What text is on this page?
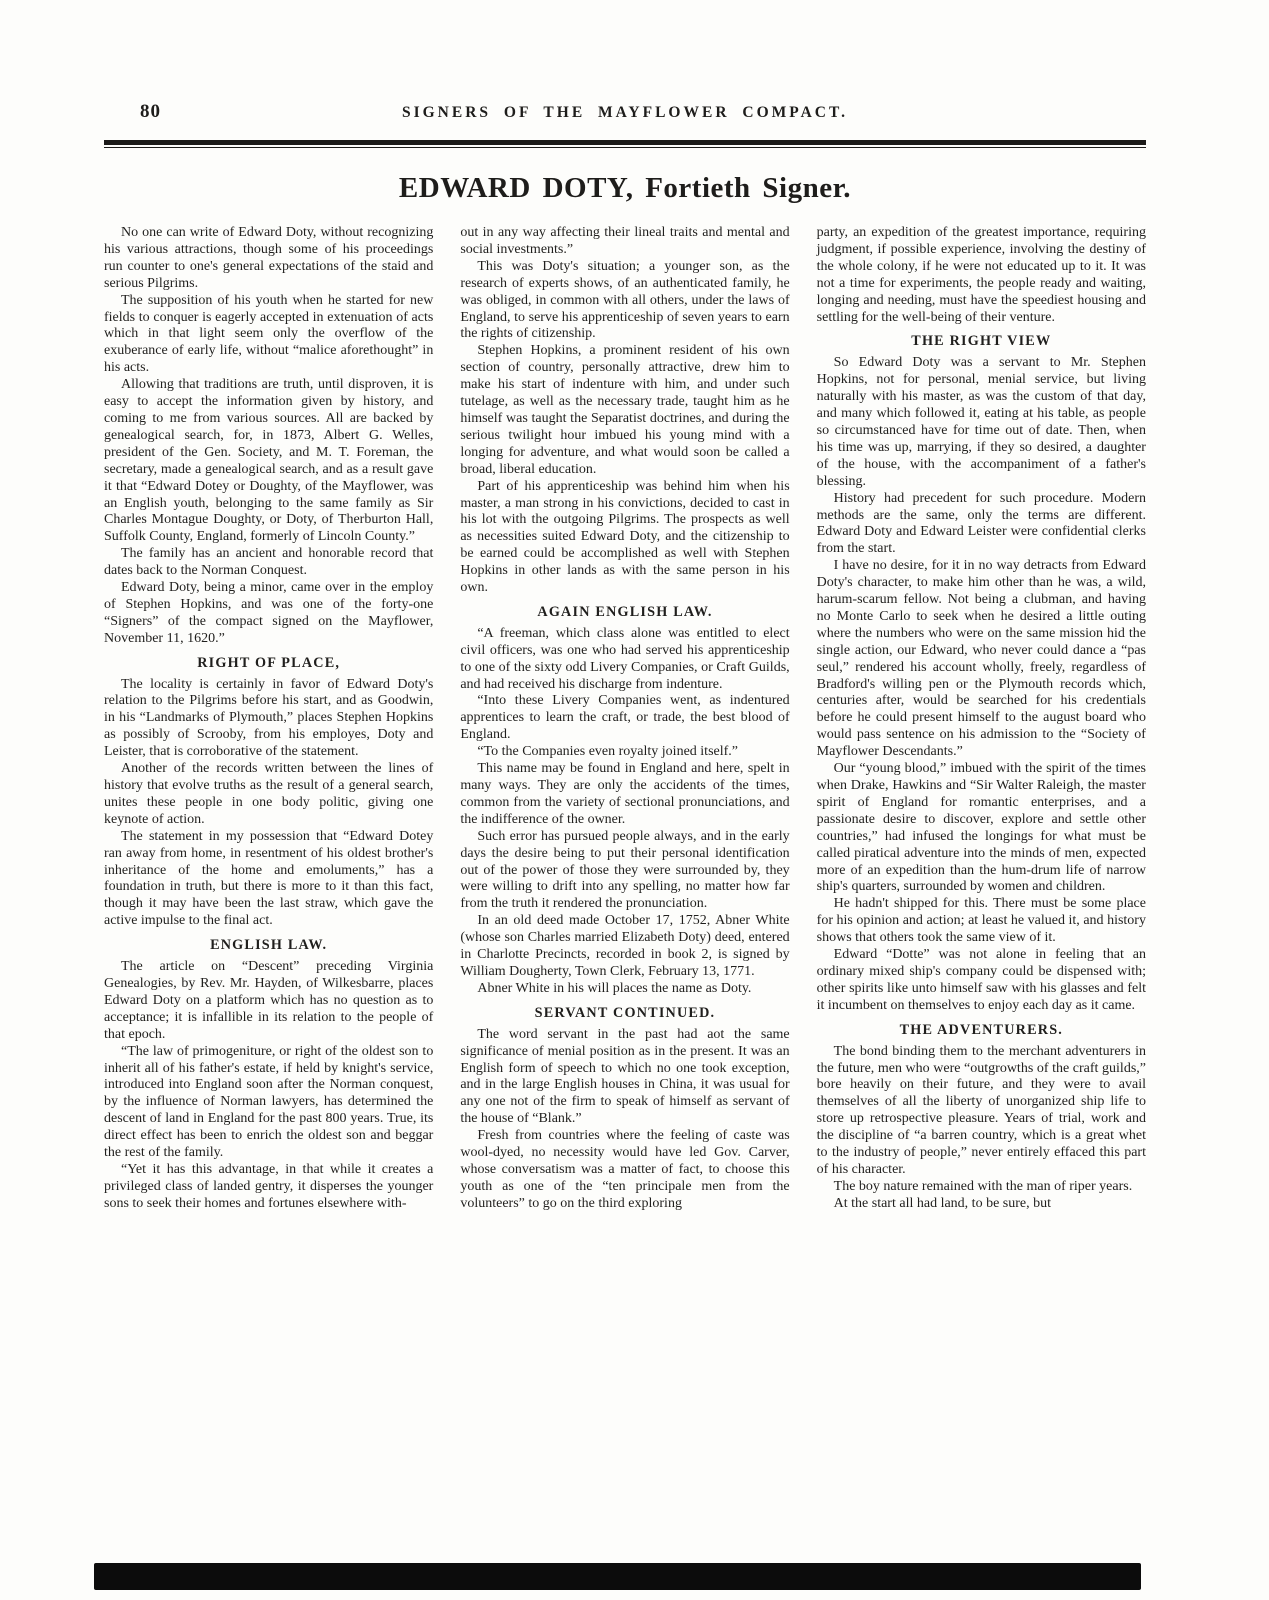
80	SIGNERS OF THE MAYFLOWER COMPACT.
EDWARD DOTY, Fortieth Signer.

No one can write of Edward Doty, without recognizing his various attractions, though some of his proceedings run counter to one's general expectations of the staid and serious Pilgrims.

The supposition of his youth when he started for new fields to conquer is eagerly accepted in extenuation of acts which in that light seem only the overflow of the exuberance of early life, without “malice aforethought” in his acts.

Allowing that traditions are truth, until disproven, it is easy to accept the information given by history, and coming to me from various sources. All are backed by genealogical search, for, in 1873, Albert G. Welles, president of the Gen. Society, and M. T. Foreman, the secretary, made a genealogical search, and as a result gave it that “Edward Dotey or Doughty, of the Mayflower, was an English youth, belonging to the same family as Sir Charles Montague Doughty, or Doty, of Therburton Hall, Suffolk County, England, formerly of Lincoln County.”

The family has an ancient and honorable record that dates back to the Norman Conquest.

Edward Doty, being a minor, came over in the employ of Stephen Hopkins, and was one of the forty-one “Signers” of the compact signed on the Mayflower, November 11, 1620.”

RIGHT OF PLACE,

The locality is certainly in favor of Edward Doty's relation to the Pilgrims before his start, and as Goodwin, in his “Landmarks of Plymouth,” places Stephen Hopkins as possibly of Scrooby, from his employes, Doty and Leister, that is corroborative of the statement.

Another of the records written between the lines of history that evolve truths as the result of a general search, unites these people in one body politic, giving one keynote of action.

The statement in my possession that “Edward Dotey ran away from home, in resentment of his oldest brother's inheritance of the home and emoluments,” has a foundation in truth, but there is more to it than this fact, though it may have been the last straw, which gave the active impulse to the final act.

ENGLISH LAW.

The article on “Descent” preceding Virginia Genealogies, by Rev. Mr. Hayden, of Wilkesbarre, places Edward Doty on a platform which has no question as to acceptance; it is infallible in its relation to the people of that epoch.

“The law of primogeniture, or right of the oldest son to inherit all of his father's estate, if held by knight's service, introduced into England soon after the Norman conquest, by the influence of Norman lawyers, has determined the descent of land in England for the past 800 years. True, its direct effect has been to enrich the oldest son and beggar the rest of the family.

“Yet it has this advantage, in that while it creates a privileged class of landed gentry, it disperses the younger sons to seek their homes and fortunes elsewhere with-

out in any way affecting their lineal traits and mental and social investments.”

This was Doty's situation; a younger son, as the research of experts shows, of an authenticated family, he was obliged, in common with all others, under the laws of England, to serve his apprenticeship of seven years to earn the rights of citizenship.

Stephen Hopkins, a prominent resident of his own section of country, personally attractive, drew him to make his start of indenture with him, and under such tutelage, as well as the necessary trade, taught him as he himself was taught the Separatist doctrines, and during the serious twilight hour imbued his young mind with a longing for adventure, and what would soon be called a broad, liberal education.

Part of his apprenticeship was behind him when his master, a man strong in his convictions, decided to cast in his lot with the outgoing Pilgrims. The prospects as well as necessities suited Edward Doty, and the citizenship to be earned could be accomplished as well with Stephen Hopkins in other lands as with the same person in his own.

AGAIN ENGLISH LAW.

“A freeman, which class alone was entitled to elect civil officers, was one who had served his apprenticeship to one of the sixty odd Livery Companies, or Craft Guilds, and had received his discharge from indenture.

“Into these Livery Companies went, as indentured apprentices to learn the craft, or trade, the best blood of England.

“To the Companies even royalty joined itself.”

This name may be found in England and here, spelt in many ways. They are only the accidents of the times, common from the variety of sectional pronunciations, and the indifference of the owner.

Such error has pursued people always, and in the early days the desire being to put their personal identification out of the power of those they were surrounded by, they were willing to drift into any spelling, no matter how far from the truth it rendered the pronunciation.

In an old deed made October 17, 1752, Abner White (whose son Charles married Elizabeth Doty) deed, entered in Charlotte Precincts, recorded in book 2, is signed by William Dougherty, Town Clerk, February 13, 1771.

Abner White in his will places the name as Doty.

SERVANT CONTINUED.

The word servant in the past had aot the same significance of menial position as in the present. It was an English form of speech to which no one took exception, and in the large English houses in China, it was usual for any one not of the firm to speak of himself as servant of the house of “Blank.”

Fresh from countries where the feeling of caste was wool-dyed, no necessity would have led Gov. Carver, whose conversatism was a matter of fact, to choose this youth as one of the “ten principale men from the volunteers” to go on the third exploring

party, an expedition of the greatest importance, requiring judgment, if possible experience, involving the destiny of the whole colony, if he were not educated up to it. It was not a time for experiments, the people ready and waiting, longing and needing, must have the speediest housing and settling for the well-being of their venture.

THE RIGHT VIEW

So Edward Doty was a servant to Mr. Stephen Hopkins, not for personal, menial service, but living naturally with his master, as was the custom of that day, and many which followed it, eating at his table, as people so circumstanced have for time out of date. Then, when his time was up, marrying, if they so desired, a daughter of the house, with the accompaniment of a father's blessing.

History had precedent for such procedure. Modern methods are the same, only the terms are different. Edward Doty and Edward Leister were confidential clerks from the start.

I have no desire, for it in no way detracts from Edward Doty's character, to make him other than he was, a wild, harum-scarum fellow. Not being a clubman, and having no Monte Carlo to seek when he desired a little outing where the numbers who were on the same mission hid the single action, our Edward, who never could dance a “pas seul,” rendered his account wholly, freely, regardless of Bradford's willing pen or the Plymouth records which, centuries after, would be searched for his credentials before he could present himself to the august board who would pass sentence on his admission to the “Society of Mayflower Descendants.”

Our “young blood,” imbued with the spirit of the times when Drake, Hawkins and “Sir Walter Raleigh, the master spirit of England for romantic enterprises, and a passionate desire to discover, explore and settle other countries,” had infused the longings for what must be called piratical adventure into the minds of men, expected more of an expedition than the hum-drum life of narrow ship's quarters, surrounded by women and children.

He hadn't shipped for this. There must be some place for his opinion and action; at least he valued it, and history shows that others took the same view of it.

Edward “Dotte” was not alone in feeling that an ordinary mixed ship's company could be dispensed with; other spirits like unto himself saw with his glasses and felt it incumbent on themselves to enjoy each day as it came.

THE ADVENTURERS.

The bond binding them to the merchant adventurers in the future, men who were “outgrowths of the craft guilds,” bore heavily on their future, and they were to avail themselves of all the liberty of unorganized ship life to store up retrospective pleasure. Years of trial, work and the discipline of “a barren country, which is a great whet to the industry of people,” never entirely effaced this part of his character.

The boy nature remained with the man of riper years.

At the start all had land, to be sure, but
